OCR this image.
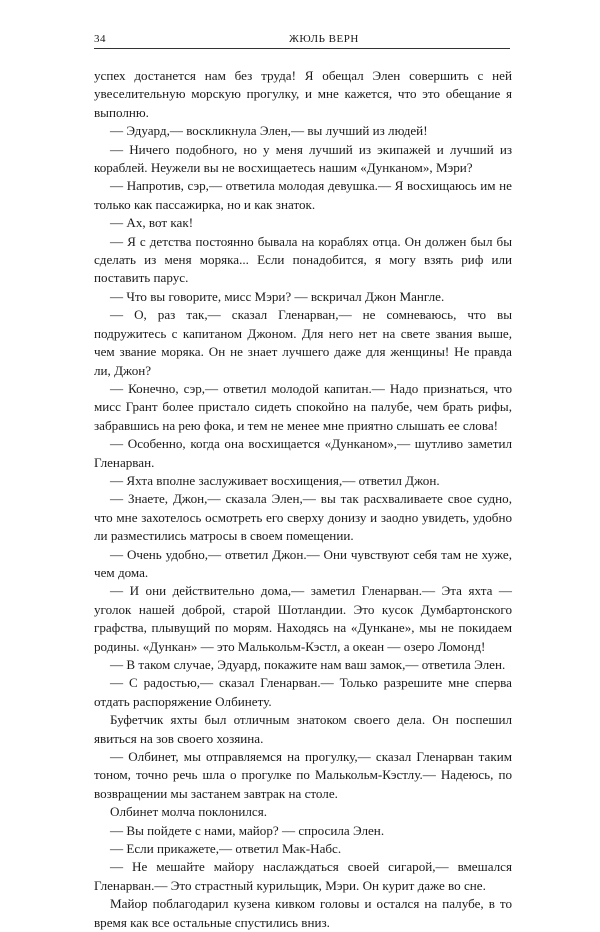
34	ЖЮЛЬ ВЕРН

успех достанется нам без труда! Я обещал Элен совершить с ней увеселительную морскую прогулку, и мне кажется, что это обещание я выполню.

— Эдуард,— воскликнула Элен,— вы лучший из людей!

— Ничего подобного, но у меня лучший из экипажей и лучший из кораблей. Неужели вы не восхищаетесь нашим «Дунканом», Мэри?

— Напротив, сэр,— ответила молодая девушка.— Я восхищаюсь им не только как пассажирка, но и как знаток.

— Ах, вот как!

— Я с детства постоянно бывала на кораблях отца. Он должен был бы сделать из меня моряка... Если понадобится, я могу взять риф или поставить парус.

— Что вы говорите, мисс Мэри? — вскричал Джон Мангле.

— О, раз так,— сказал Гленарван,— не сомневаюсь, что вы подружитесь с капитаном Джоном. Для него нет на свете звания выше, чем звание моряка. Он не знает лучшего даже для женщины! Не правда ли, Джон?

— Конечно, сэр,— ответил молодой капитан.— Надо признаться, что мисс Грант более пристало сидеть спокойно на палубе, чем брать рифы, забравшись на рею фока, и тем не менее мне приятно слышать ее слова!

— Особенно, когда она восхищается «Дунканом»,— шутливо заметил Гленарван.

— Яхта вполне заслуживает восхищения,— ответил Джон.

— Знаете, Джон,— сказала Элен,— вы так расхваливаете свое судно, что мне захотелось осмотреть его сверху донизу и заодно увидеть, удобно ли разместились матросы в своем помещении.

— Очень удобно,— ответил Джон.— Они чувствуют себя там не хуже, чем дома.

— И они действительно дома,— заметил Гленарван.— Эта яхта — уголок нашей доброй, старой Шотландии. Это кусок Думбартонского графства, плывущий по морям. Находясь на «Дункане», мы не покидаем родины. «Дункан» — это Малькольм-Кэстл, а океан — озеро Ломонд!

— В таком случае, Эдуард, покажите нам ваш замок,— ответила Элен.

— С радостью,— сказал Гленарван.— Только разрешите мне сперва отдать распоряжение Олбинету.

Буфетчик яхты был отличным знатоком своего дела. Он поспешил явиться на зов своего хозяина.

— Олбинет, мы отправляемся на прогулку,— сказал Гленарван таким тоном, точно речь шла о прогулке по Малькольм-Кэстлу.— Надеюсь, по возвращении мы застанем завтрак на столе.

Олбинет молча поклонился.

— Вы пойдете с нами, майор? — спросила Элен.

— Если прикажете,— ответил Мак-Набс.

— Не мешайте майору наслаждаться своей сигарой,— вмешался Гленарван.— Это страстный курильщик, Мэри. Он курит даже во сне.

Майор поблагодарил кузена кивком головы и остался на палубе, в то время как все остальные спустились вниз.
